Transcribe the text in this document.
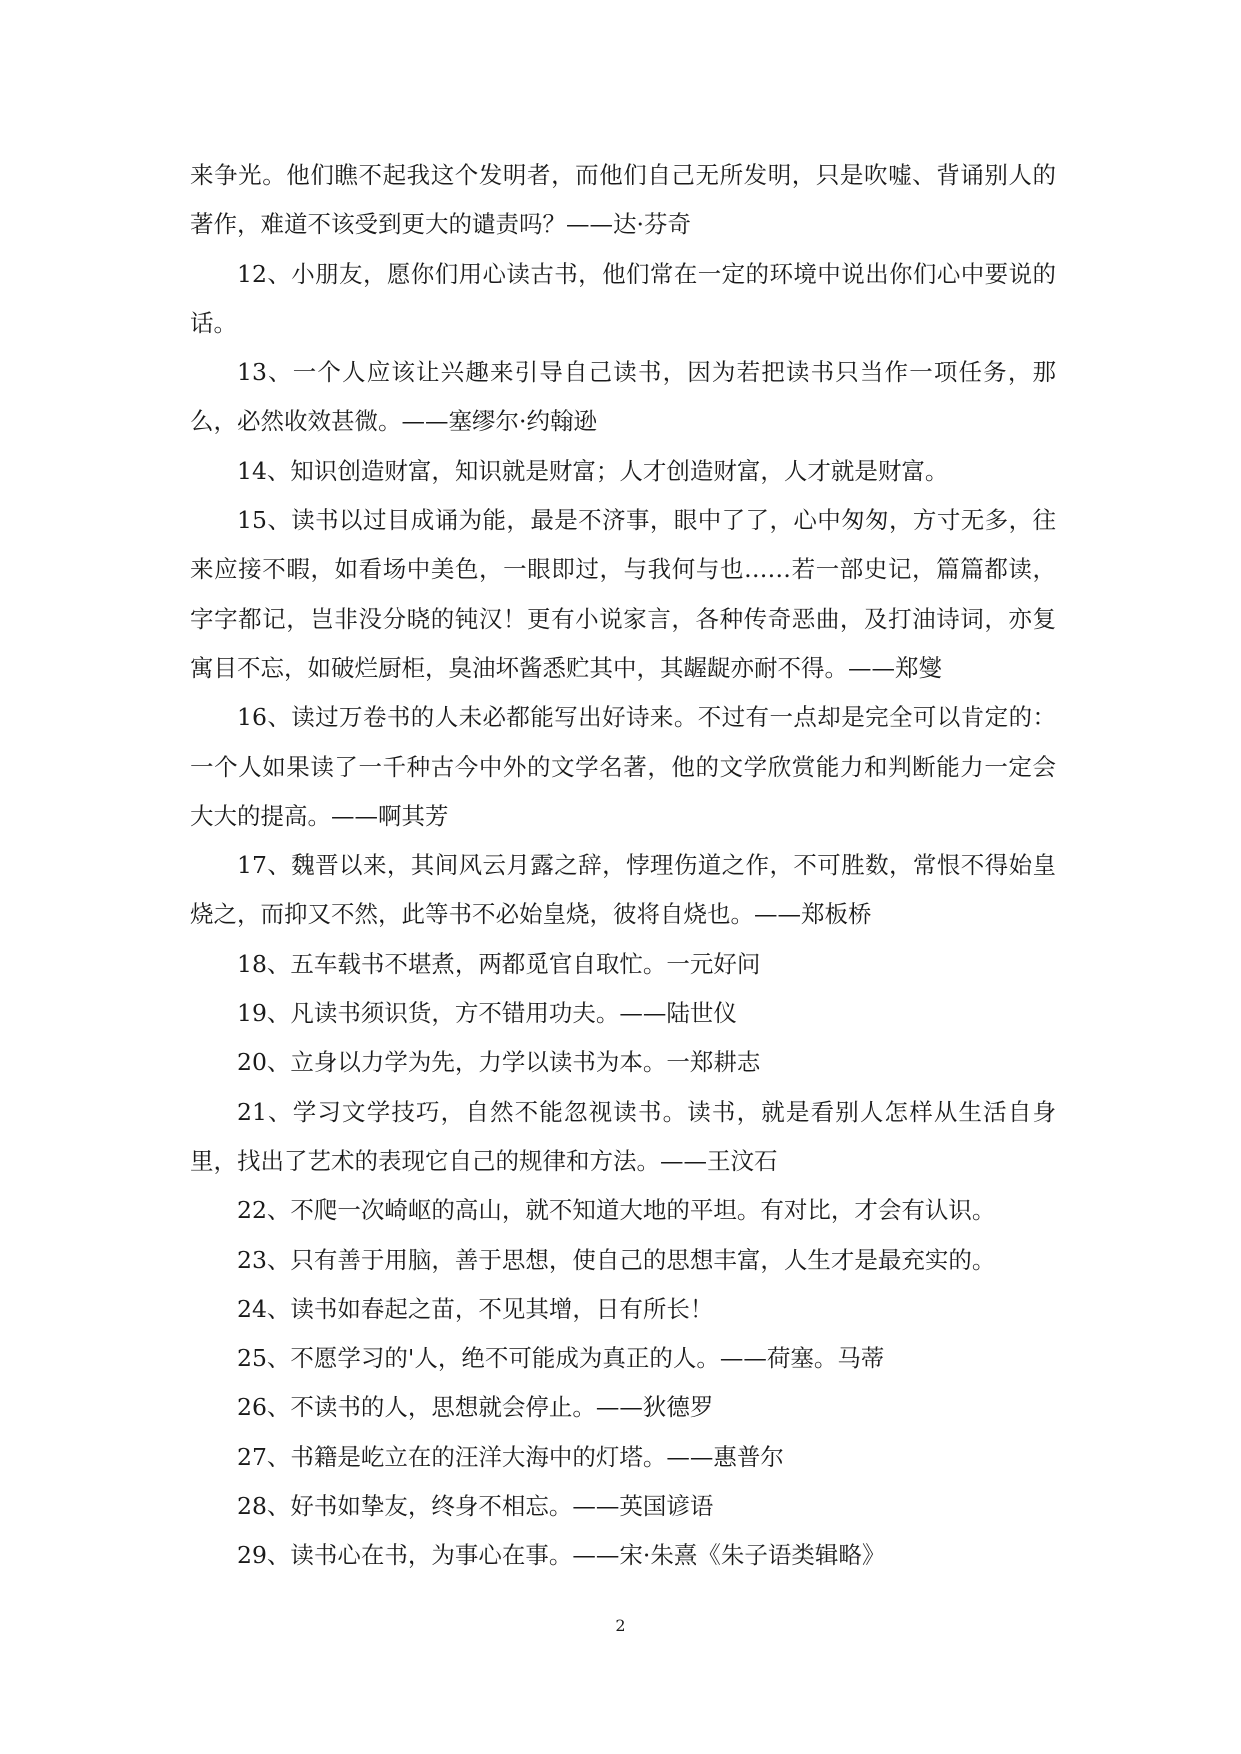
来争光。他们瞧不起我这个发明者，而他们自己无所发明，只是吹嘘、背诵别人的著作，难道不该受到更大的谴责吗？——达·芬奇

12、小朋友，愿你们用心读古书，他们常在一定的环境中说出你们心中要说的话。

13、一个人应该让兴趣来引导自己读书，因为若把读书只当作一项任务，那么，必然收效甚微。——塞缪尔·约翰逊

14、知识创造财富，知识就是财富；人才创造财富，人才就是财富。

15、读书以过目成诵为能，最是不济事，眼中了了，心中匆匆，方寸无多，往来应接不暇，如看场中美色，一眼即过，与我何与也……若一部史记，篇篇都读，字字都记，岂非没分晓的钝汉！更有小说家言，各种传奇恶曲，及打油诗词，亦复寓目不忘，如破烂厨柜，臭油坏酱悉贮其中，其龌龊亦耐不得。——郑燮

16、读过万卷书的人未必都能写出好诗来。不过有一点却是完全可以肯定的：一个人如果读了一千种古今中外的文学名著，他的文学欣赏能力和判断能力一定会大大的提高。——啊其芳

17、魏晋以来，其间风云月露之辞，悖理伤道之作，不可胜数，常恨不得始皇烧之，而抑又不然，此等书不必始皇烧，彼将自烧也。——郑板桥

18、五车载书不堪煮，两都觅官自取忙。一元好问

19、凡读书须识货，方不错用功夫。——陆世仪

20、立身以力学为先，力学以读书为本。一郑耕志

21、学习文学技巧，自然不能忽视读书。读书，就是看别人怎样从生活自身里，找出了艺术的表现它自己的规律和方法。——王汶石

22、不爬一次崎岖的高山，就不知道大地的平坦。有对比，才会有认识。

23、只有善于用脑，善于思想，使自己的思想丰富，人生才是最充实的。

24、读书如春起之苗，不见其增，日有所长！

25、不愿学习的'人，绝不可能成为真正的人。——荷塞。马蒂

26、不读书的人，思想就会停止。——狄德罗

27、书籍是屹立在的汪洋大海中的灯塔。——惠普尔

28、好书如挚友，终身不相忘。——英国谚语

29、读书心在书，为事心在事。——宋·朱熹《朱子语类辑略》

2
